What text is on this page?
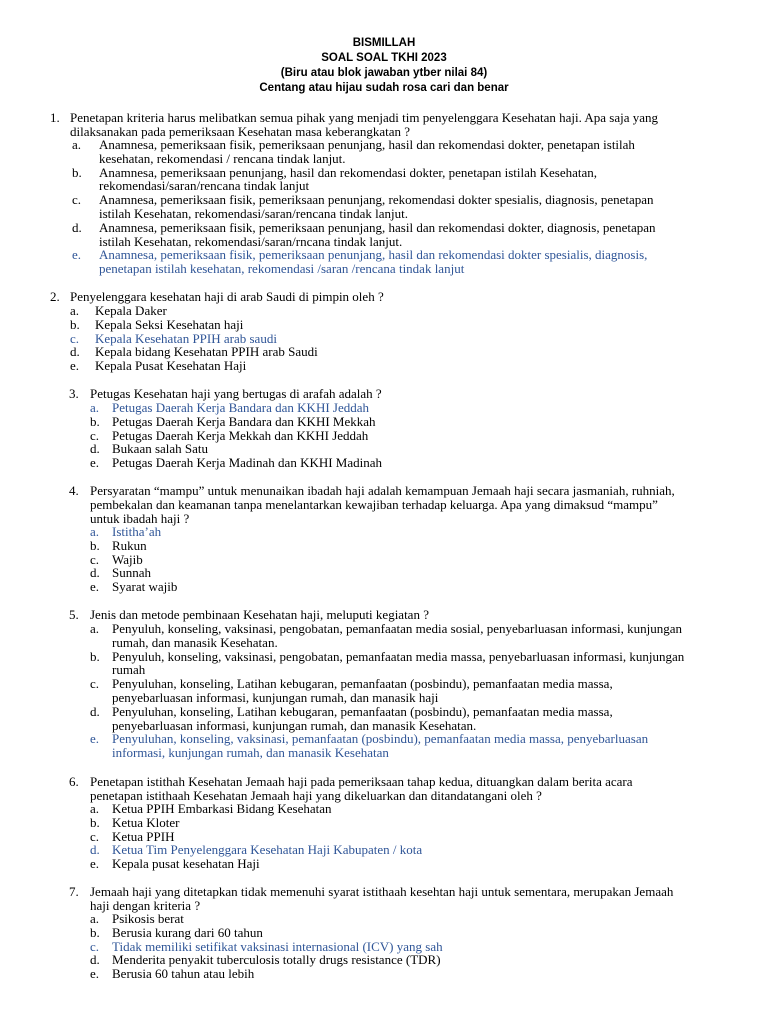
BISMILLAH
SOAL SOAL TKHI 2023
(Biru atau blok jawaban ytber nilai 84)
Centang atau hijau sudah rosa cari dan benar
1. Penetapan kriteria harus melibatkan semua pihak yang menjadi tim penyelenggara Kesehatan haji. Apa saja yang
dilaksanakan pada pemeriksaan Kesehatan masa keberangkatan ?
a. Anamnesa, pemeriksaan fisik, pemeriksaan penunjang, hasil dan rekomendasi dokter, penetapan istilah
kesehatan, rekomendasi / rencana tindak lanjut.
b. Anamnesa, pemeriksaan penunjang, hasil dan rekomendasi dokter, penetapan istilah Kesehatan,
rekomendasi/saran/rencana tindak lanjut
c. Anamnesa, pemeriksaan fisik, pemeriksaan penunjang, rekomendasi dokter spesialis, diagnosis, penetapan
istilah Kesehatan, rekomendasi/saran/rencana tindak lanjut.
d. Anamnesa, pemeriksaan fisik, pemeriksaan penunjang, hasil dan rekomendasi dokter, diagnosis, penetapan
istilah Kesehatan, rekomendasi/saran/rncana tindak lanjut.
e. Anamnesa, pemeriksaan fisik, pemeriksaan penunjang, hasil dan rekomendasi dokter spesialis, diagnosis,
penetapan istilah kesehatan, rekomendasi /saran /rencana tindak lanjut
2. Penyelenggara kesehatan haji di arab Saudi di pimpin oleh ?
a. Kepala Daker
b. Kepala Seksi Kesehatan haji
c. Kepala Kesehatan PPIH arab saudi
d. Kepala bidang Kesehatan PPIH arab Saudi
e. Kepala Pusat Kesehatan Haji
3. Petugas Kesehatan haji yang bertugas di arafah adalah ?
a. Petugas Daerah Kerja Bandara dan KKHI Jeddah
b. Petugas Daerah Kerja Bandara dan KKHI Mekkah
c. Petugas Daerah Kerja Mekkah dan KKHI Jeddah
d. Bukaan salah Satu
e. Petugas Daerah Kerja Madinah dan KKHI Madinah
4. Persyaratan “mampu” untuk menunaikan ibadah haji adalah kemampuan Jemaah haji secara jasmaniah, ruhniah,
pembekalan dan keamanan tanpa menelantarkan kewajiban terhadap keluarga. Apa yang dimaksud “mampu”
untuk ibadah haji ?
a. Istitha’ah
b. Rukun
c. Wajib
d. Sunnah
e. Syarat wajib
5. Jenis dan metode pembinaan Kesehatan haji, meluputi kegiatan ?
a. Penyuluh, konseling, vaksinasi, pengobatan, pemanfaatan media sosial, penyebarluasan informasi, kunjungan
rumah, dan manasik Kesehatan.
b. Penyuluh, konseling, vaksinasi, pengobatan, pemanfaatan media massa, penyebarluasan informasi, kunjungan
rumah
c. Penyuluhan, konseling, Latihan kebugaran, pemanfaatan (posbindu), pemanfaatan media massa,
penyebarluasan informasi, kunjungan rumah, dan manasik haji
d. Penyuluhan, konseling, Latihan kebugaran, pemanfaatan (posbindu), pemanfaatan media massa,
penyebarluasan informasi, kunjungan rumah, dan manasik Kesehatan.
e. Penyuluhan, konseling, vaksinasi, pemanfaatan (posbindu), pemanfaatan media massa, penyebarluasan
informasi, kunjungan rumah, dan manasik Kesehatan
6. Penetapan istithah Kesehatan Jemaah haji pada pemeriksaan tahap kedua, dituangkan dalam berita acara
penetapan istithaah Kesehatan Jemaah haji yang dikeluarkan dan ditandatangani oleh ?
a. Ketua PPIH Embarkasi Bidang Kesehatan
b. Ketua Kloter
c. Ketua PPIH
d. Ketua Tim Penyelenggara Kesehatan Haji Kabupaten / kota
e. Kepala pusat kesehatan Haji
7. Jemaah haji yang ditetapkan tidak memenuhi syarat istithaah kesehtan haji untuk sementara, merupakan Jemaah
haji dengan kriteria ?
a. Psikosis berat
b. Berusia kurang dari 60 tahun
c. Tidak memiliki setifikat vaksinasi internasional (ICV) yang sah
d. Menderita penyakit tuberculosis totally drugs resistance (TDR)
e. Berusia 60 tahun atau lebih
